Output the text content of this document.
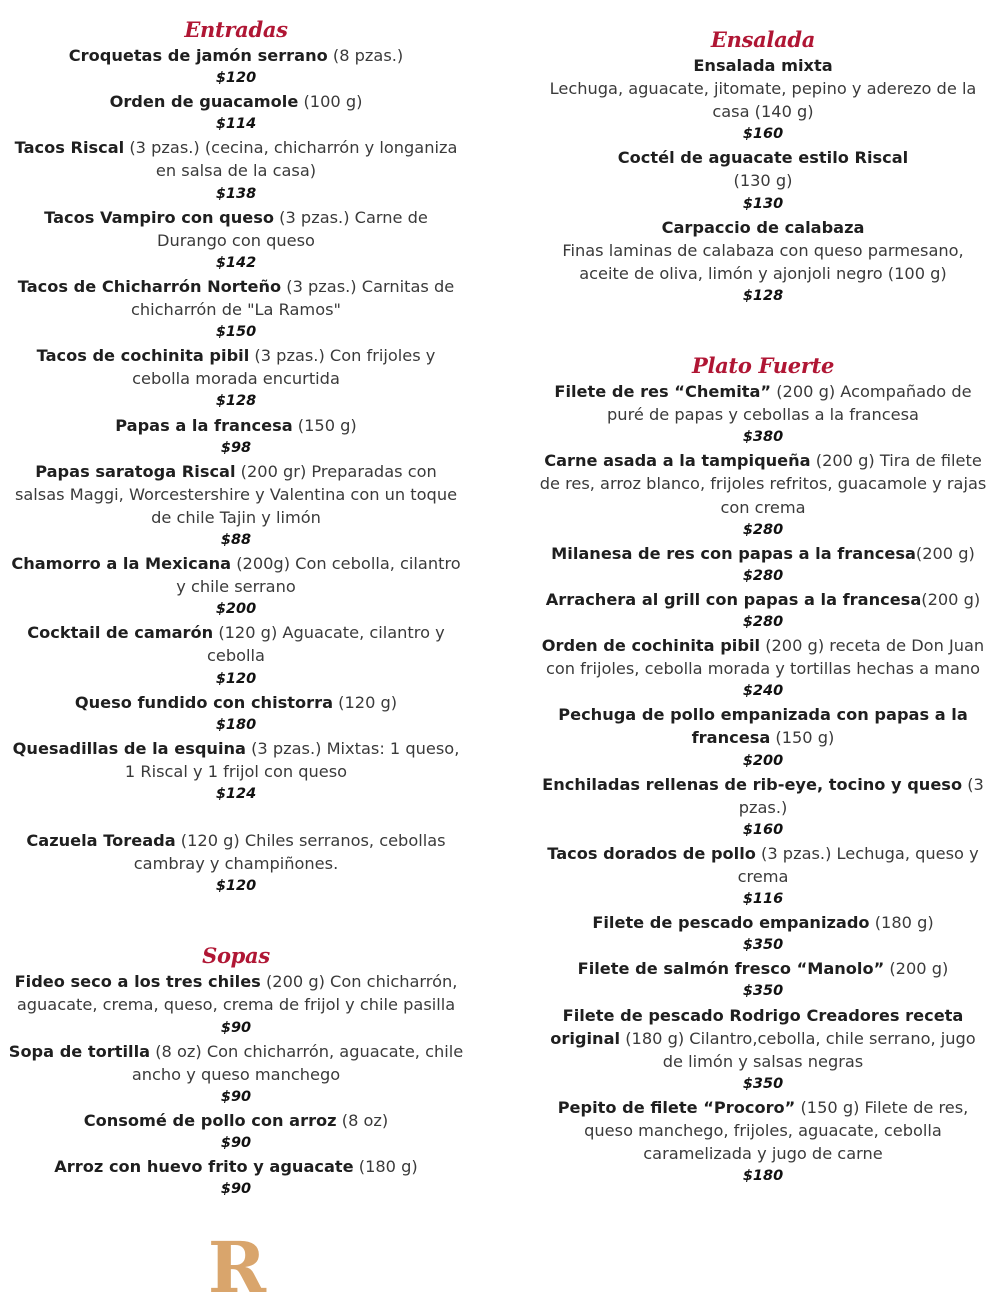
Entradas
Croquetas de jamón serrano (8 pzas.)
$120
Orden de guacamole (100 g)
$114
Tacos Riscal (3 pzas.) (cecina, chicharrón y longaniza en salsa de la casa)
$138
Tacos Vampiro con queso (3 pzas.) Carne de Durango con queso
$142
Tacos de Chicharrón Norteño (3 pzas.) Carnitas de chicharrón de "La Ramos"
$150
Tacos de cochinita pibil (3 pzas.) Con frijoles y cebolla morada encurtida
$128
Papas a la francesa (150 g)
$98
Papas saratoga Riscal (200 gr) Preparadas con salsas Maggi, Worcestershire y Valentina con un toque de chile Tajin y limón
$88
Chamorro a la Mexicana (200g) Con cebolla, cilantro y chile serrano
$200
Cocktail de camarón (120 g) Aguacate, cilantro y cebolla
$120
Queso fundido con chistorra (120 g)
$180
Quesadillas de la esquina (3 pzas.) Mixtas: 1 queso, 1 Riscal y 1 frijol con queso
$124
Cazuela Toreada (120 g) Chiles serranos, cebollas cambray y champiñones.
$120
Sopas
Fideo seco a los tres chiles (200 g) Con chicharrón, aguacate, crema, queso, crema de frijol y chile pasilla
$90
Sopa de tortilla (8 oz) Con chicharrón, aguacate, chile ancho y queso manchego
$90
Consomé de pollo con arroz (8 oz)
$90
Arroz con huevo frito y aguacate (180 g)
$90
Ensalada
Ensalada mixta
Lechuga, aguacate, jitomate, pepino y aderezo de la casa (140 g)
$160
Coctél de aguacate estilo Riscal
(130 g)
$130
Carpaccio de calabaza
Finas laminas de calabaza con queso parmesano, aceite de oliva, limón y ajonjoli negro (100 g)
$128
Plato Fuerte
Filete de res “Chemita” (200 g) Acompañado de puré de papas y cebollas a la francesa
$380
Carne asada a la tampiqueña (200 g) Tira de filete de res, arroz blanco, frijoles refritos, guacamole y rajas con crema
$280
Milanesa de res con papas a la francesa(200 g)
$280
Arrachera al grill con papas a la francesa(200 g)
$280
Orden de cochinita pibil (200 g) receta de Don Juan con frijoles, cebolla morada y tortillas hechas a mano
$240
Pechuga de pollo empanizada con papas a la francesa (150 g)
$200
Enchiladas rellenas de rib-eye, tocino y queso (3 pzas.)
$160
Tacos dorados de pollo (3 pzas.) Lechuga, queso y crema
$116
Filete de pescado empanizado (180 g)
$350
Filete de salmón fresco “Manolo” (200 g)
$350
Filete de pescado Rodrigo Creadores receta original (180 g) Cilantro,cebolla, chile serrano, jugo de limón y salsas negras
$350
Pepito de filete “Procoro” (150 g) Filete de res, queso manchego, frijoles, aguacate, cebolla caramelizada y jugo de carne
$180
R
